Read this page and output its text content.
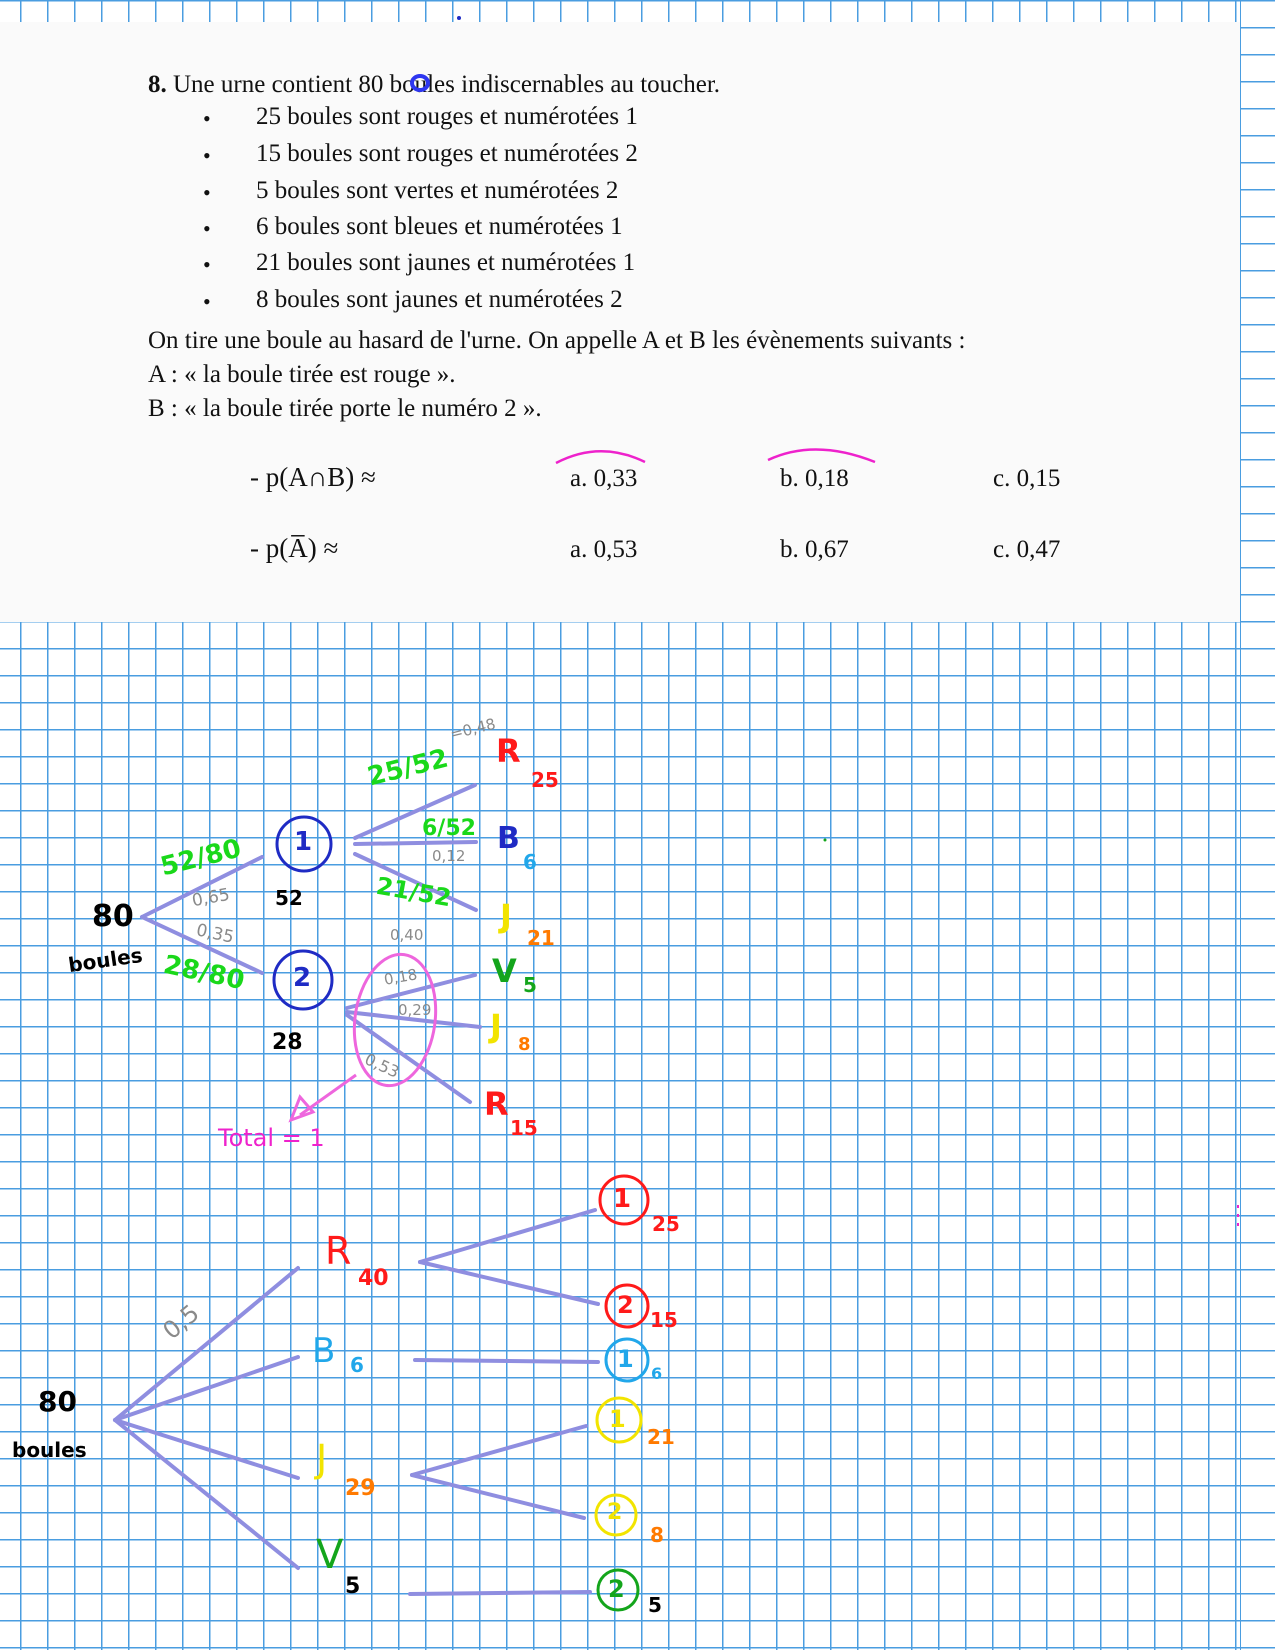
8. Une urne contient 80 boules indiscernables au toucher.
• 25 boules sont rouges et numérotées 1
• 15 boules sont rouges et numérotées 2
• 5 boules sont vertes et numérotées 2
• 6 boules sont bleues et numérotées 1
• 21 boules sont jaunes et numérotées 1
• 8 boules sont jaunes et numérotées 2
On tire une boule au hasard de l'urne. On appelle A et B les évènements suivants :
A : « la boule tirée est rouge ».
B : « la boule tirée porte le numéro 2 ».
- p(A∩B) ≈	a. 0,33	b. 0,18	c. 0,15
- p(A̅) ≈	a. 0,53	b. 0,67	c. 0,47
80
boules
52/80
0,65
0,35
28/80
1
52
2
28
25/52
=0,48
R
25
6/52
0,12 B
6
21/52
0,40 J
21
0,18 V 5
0,29 J 8
0,53
R
15
Total = 1
80
boules
0,5
R
40
B 6
J
29
V
5
1
25
2
15
1
6
1
21
2
8
2
5
